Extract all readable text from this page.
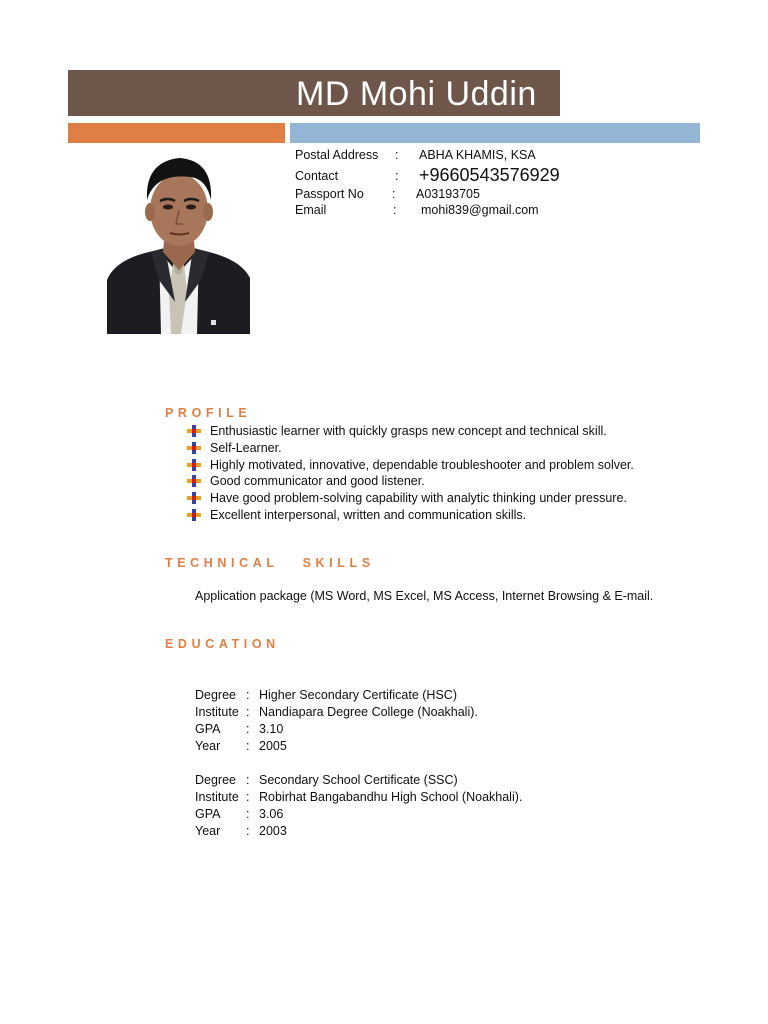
MD Mohi Uddin
Postal Address : ABHA KHAMIS, KSA
Contact	: +9660543576929
Passport No : A03193705
Email	: mohi839@gmail.com
PROFILE
Enthusiastic learner with quickly grasps new concept and technical skill.
Self-Learner.
Highly motivated, innovative, dependable troubleshooter and problem solver.
Good communicator and good listener.
Have good problem-solving capability with analytic thinking under pressure.
Excellent interpersonal, written and communication skills.
TECHNICAL   SKILLS
Application package (MS Word, MS Excel, MS Access, Internet Browsing & E-mail.
EDUCATION
Degree : Higher Secondary Certificate (HSC)
Institute : Nandiapara Degree College (Noakhali).
GPA : 3.10
Year : 2005
Degree : Secondary School Certificate (SSC)
Institute : Robirhat Bangabandhu High School (Noakhali).
GPA : 3.06
Year : 2003
